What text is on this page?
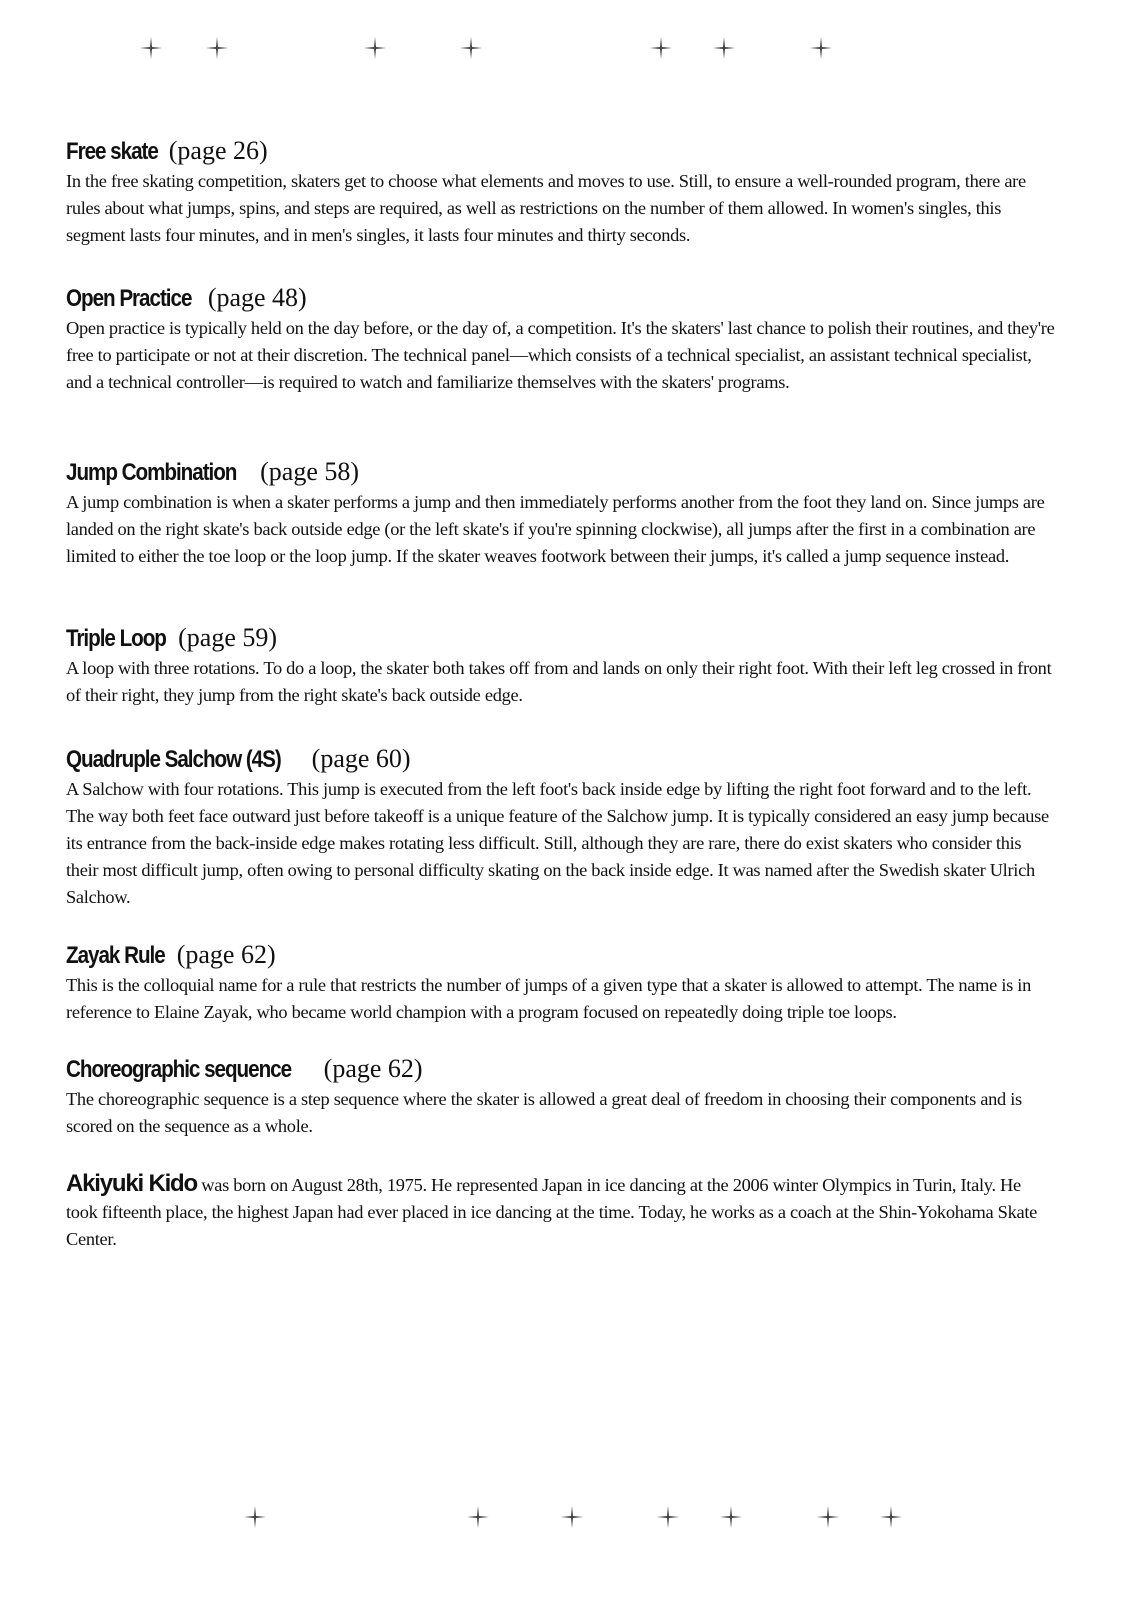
Free skate (page 26)
In the free skating competition, skaters get to choose what elements and moves to use. Still, to ensure a well-rounded program, there are rules about what jumps, spins, and steps are required, as well as restrictions on the number of them allowed. In women's singles, this segment lasts four minutes, and in men's singles, it lasts four minutes and thirty seconds.
Open Practice (page 48)
Open practice is typically held on the day before, or the day of, a competition. It's the skaters' last chance to polish their routines, and they're free to participate or not at their discretion. The technical panel—which consists of a technical specialist, an assistant technical specialist, and a technical controller—is required to watch and familiarize themselves with the skaters' programs.
Jump Combination (page 58)
A jump combination is when a skater performs a jump and then immediately performs another from the foot they land on. Since jumps are landed on the right skate's back outside edge (or the left skate's if you're spinning clockwise), all jumps after the first in a combination are limited to either the toe loop or the loop jump. If the skater weaves footwork between their jumps, it's called a jump sequence instead.
Triple Loop (page 59)
A loop with three rotations. To do a loop, the skater both takes off from and lands on only their right foot. With their left leg crossed in front of their right, they jump from the right skate's back outside edge.
Quadruple Salchow (4S) (page 60)
A Salchow with four rotations. This jump is executed from the left foot's back inside edge by lifting the right foot forward and to the left. The way both feet face outward just before takeoff is a unique feature of the Salchow jump. It is typically considered an easy jump because its entrance from the back-inside edge makes rotating less difficult. Still, although they are rare, there do exist skaters who consider this their most difficult jump, often owing to personal difficulty skating on the back inside edge. It was named after the Swedish skater Ulrich Salchow.
Zayak Rule (page 62)
This is the colloquial name for a rule that restricts the number of jumps of a given type that a skater is allowed to attempt. The name is in reference to Elaine Zayak, who became world champion with a program focused on repeatedly doing triple toe loops.
Choreographic sequence (page 62)
The choreographic sequence is a step sequence where the skater is allowed a great deal of freedom in choosing their components and is scored on the sequence as a whole.
Akiyuki Kido was born on August 28th, 1975. He represented Japan in ice dancing at the 2006 winter Olympics in Turin, Italy. He took fifteenth place, the highest Japan had ever placed in ice dancing at the time. Today, he works as a coach at the Shin-Yokohama Skate Center.
